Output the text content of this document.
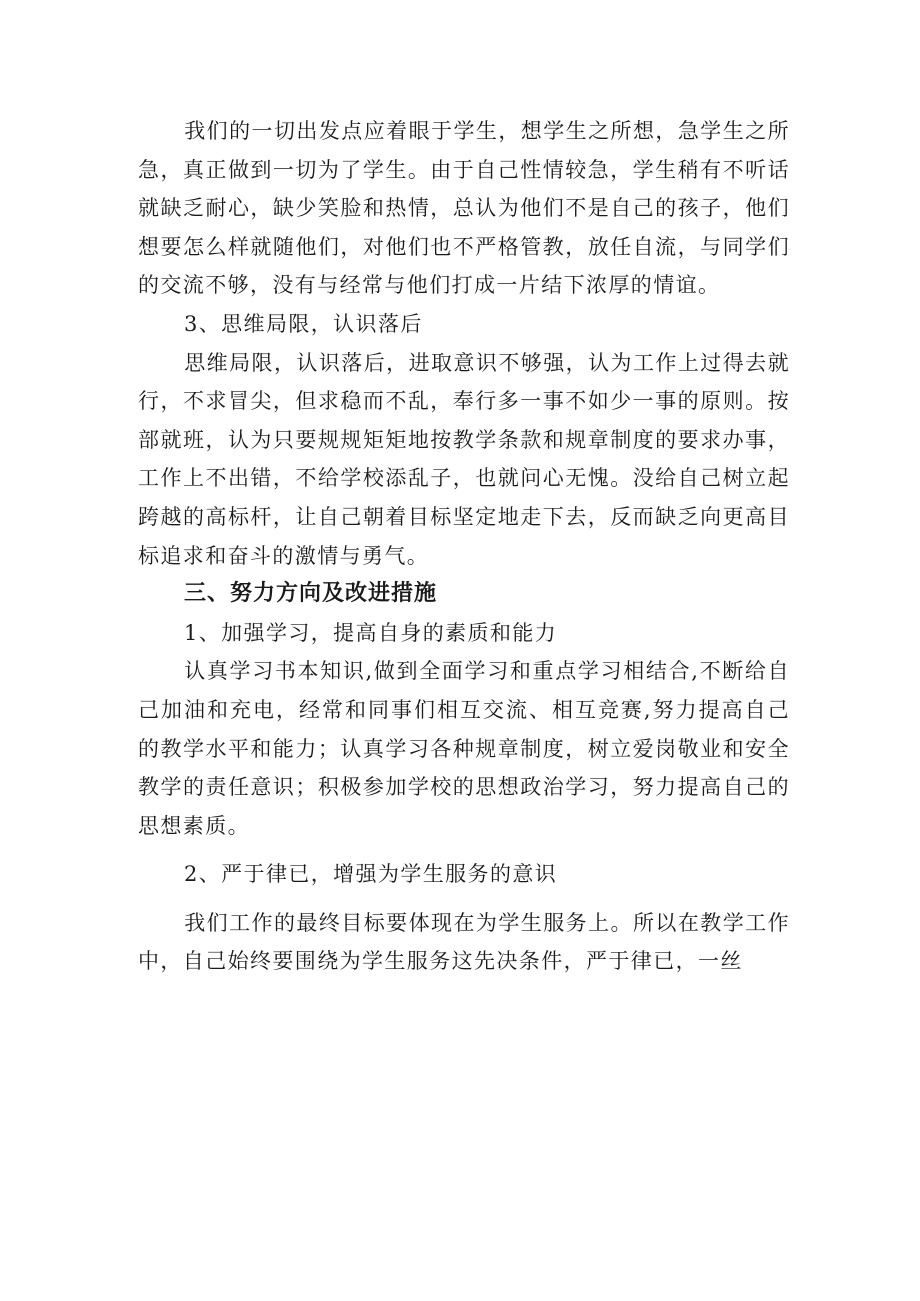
我们的一切出发点应着眼于学生，想学生之所想，急学生之所急，真正做到一切为了学生。由于自己性情较急，学生稍有不听话就缺乏耐心，缺少笑脸和热情，总认为他们不是自己的孩子，他们想要怎么样就随他们，对他们也不严格管教，放任自流，与同学们的交流不够，没有与经常与他们打成一片结下浓厚的情谊。

3、思维局限，认识落后

思维局限，认识落后，进取意识不够强，认为工作上过得去就行，不求冒尖，但求稳而不乱，奉行多一事不如少一事的原则。按部就班，认为只要规规矩矩地按教学条款和规章制度的要求办事，工作上不出错，不给学校添乱子，也就问心无愧。没给自己树立起跨越的高标杆，让自己朝着目标坚定地走下去，反而缺乏向更高目标追求和奋斗的激情与勇气。

三、努力方向及改进措施

1、加强学习，提高自身的素质和能力

认真学习书本知识,做到全面学习和重点学习相结合,不断给自己加油和充电，经常和同事们相互交流、相互竞赛,努力提高自己的教学水平和能力；认真学习各种规章制度，树立爱岗敬业和安全教学的责任意识；积极参加学校的思想政治学习，努力提高自己的思想素质。

2、严于律已，增强为学生服务的意识

我们工作的最终目标要体现在为学生服务上。所以在教学工作中，自己始终要围绕为学生服务这先决条件，严于律已，一丝
